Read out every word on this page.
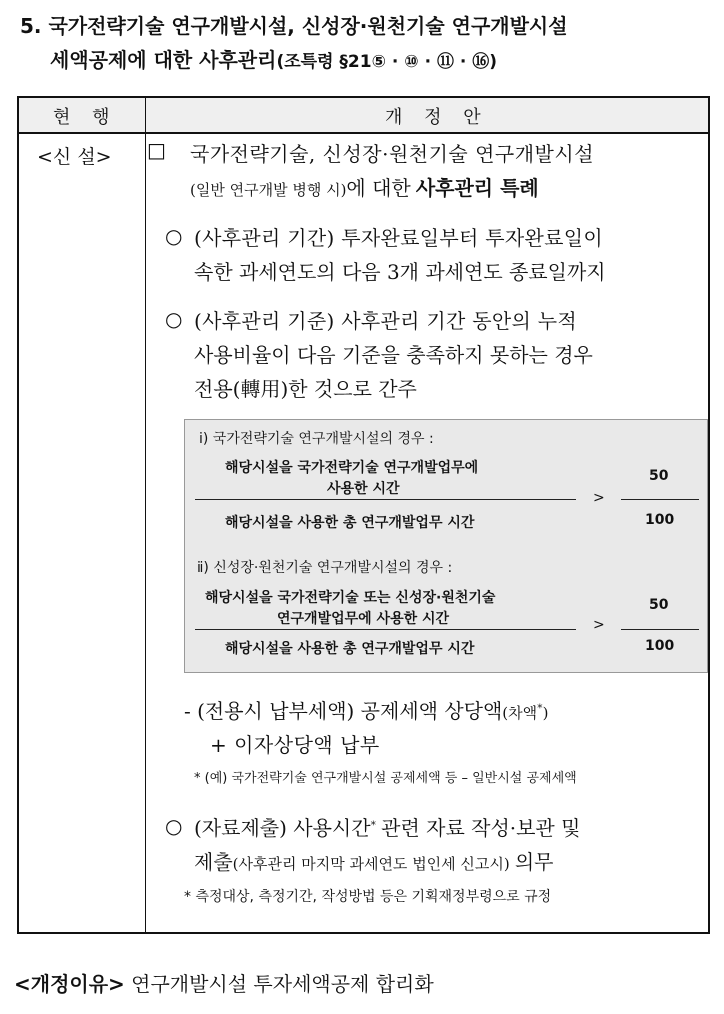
5. 국가전략기술 연구개발시설, 신성장·원천기술 연구개발시설
세액공제에 대한 사후관리(조특령 §21⑤ · ⑩ · ⑪ · ⑯)
현 행	개 정 안
<신 설> □ 국가전략기술, 신성장·원천기술 연구개발시설
(일반 연구개발 병행 시)에 대한 사후관리 특례
○ (사후관리 기간) 투자완료일부터 투자완료일이
속한 과세연도의 다음 3개 과세연도 종료일까지
○ (사후관리 기준) 사후관리 기간 동안의 누적
사용비율이 다음 기준을 충족하지 못하는 경우
전용(轉用)한 것으로 간주
ⅰ) 국가전략기술 연구개발시설의 경우 :
해당시설을 국가전략기술 연구개발업무에
사용한 시간
해당시설을 사용한 총 연구개발업무 시간
>
50
100
ⅱ) 신성장·원천기술 연구개발시설의 경우 :
해당시설을 국가전략기술 또는 신성장·원천기술
연구개발업무에 사용한 시간
해당시설을 사용한 총 연구개발업무 시간
>
50
100
- (전용시 납부세액) 공제세액 상당액(차액*)
+ 이자상당액 납부
* (예) 국가전략기술 연구개발시설 공제세액 등 – 일반시설 공제세액
○ (자료제출) 사용시간* 관련 자료 작성·보관 및
제출(사후관리 마지막 과세연도 법인세 신고시) 의무
* 측정대상, 측정기간, 작성방법 등은 기획재정부령으로 규정
<개정이유> 연구개발시설 투자세액공제 합리화
